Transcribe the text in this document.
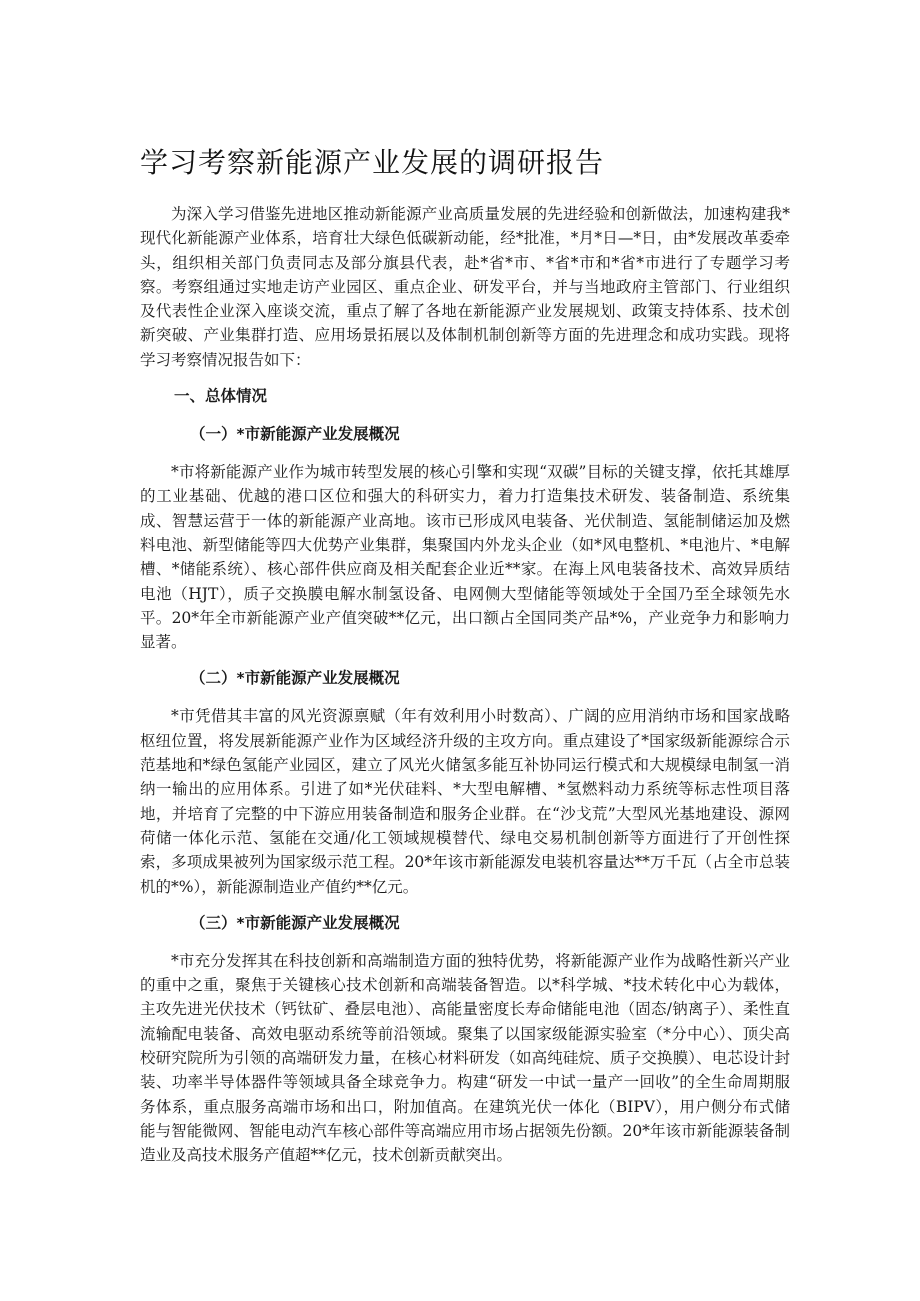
学习考察新能源产业发展的调研报告

为深入学习借鉴先进地区推动新能源产业高质量发展的先进经验和创新做法，加速构建我*现代化新能源产业体系，培育壮大绿色低碳新动能，经*批准，*月*日—*日，由*发展改革委牵头，组织相关部门负责同志及部分旗县代表，赴*省*市、*省*市和*省*市进行了专题学习考察。考察组通过实地走访产业园区、重点企业、研发平台，并与当地政府主管部门、行业组织及代表性企业深入座谈交流，重点了解了各地在新能源产业发展规划、政策支持体系、技术创新突破、产业集群打造、应用场景拓展以及体制机制创新等方面的先进理念和成功实践。现将学习考察情况报告如下：

一、总体情况
（一）*市新能源产业发展概况

*市将新能源产业作为城市转型发展的核心引擎和实现“双碳”目标的关键支撑，依托其雄厚的工业基础、优越的港口区位和强大的科研实力，着力打造集技术研发、装备制造、系统集成、智慧运营于一体的新能源产业高地。该市已形成风电装备、光伏制造、氢能制储运加及燃料电池、新型储能等四大优势产业集群，集聚国内外龙头企业（如*风电整机、*电池片、*电解槽、*储能系统）、核心部件供应商及相关配套企业近**家。在海上风电装备技术、高效异质结电池（HJT），质子交换膜电解水制氢设备、电网侧大型储能等领域处于全国乃至全球领先水平。20*年全市新能源产业产值突破**亿元，出口额占全国同类产品*%，产业竞争力和影响力显著。

（二）*市新能源产业发展概况

*市凭借其丰富的风光资源禀赋（年有效利用小时数高）、广阔的应用消纳市场和国家战略枢纽位置，将发展新能源产业作为区域经济升级的主攻方向。重点建设了*国家级新能源综合示范基地和*绿色氢能产业园区，建立了风光火储氢多能互补协同运行模式和大规模绿电制氢一消纳一输出的应用体系。引进了如*光伏硅料、*大型电解槽、*氢燃料动力系统等标志性项目落地，并培育了完整的中下游应用装备制造和服务企业群。在“沙戈荒”大型风光基地建设、源网荷储一体化示范、氢能在交通/化工领域规模替代、绿电交易机制创新等方面进行了开创性探索，多项成果被列为国家级示范工程。20*年该市新能源发电装机容量达**万千瓦（占全市总装机的*%），新能源制造业产值约**亿元。

（三）*市新能源产业发展概况

*市充分发挥其在科技创新和高端制造方面的独特优势，将新能源产业作为战略性新兴产业的重中之重，聚焦于关键核心技术创新和高端装备智造。以*科学城、*技术转化中心为载体，主攻先进光伏技术（钙钛矿、叠层电池）、高能量密度长寿命储能电池（固态/钠离子）、柔性直流输配电装备、高效电驱动系统等前沿领域。聚集了以国家级能源实验室（*分中心）、顶尖高校研究院所为引领的高端研发力量，在核心材料研发（如高纯硅烷、质子交换膜）、电芯设计封装、功率半导体器件等领域具备全球竞争力。构建“研发一中试一量产一回收”的全生命周期服务体系，重点服务高端市场和出口，附加值高。在建筑光伏一体化（BIPV），用户侧分布式储能与智能微网、智能电动汽车核心部件等高端应用市场占据领先份额。20*年该市新能源装备制造业及高技术服务产值超**亿元，技术创新贡献突出。
